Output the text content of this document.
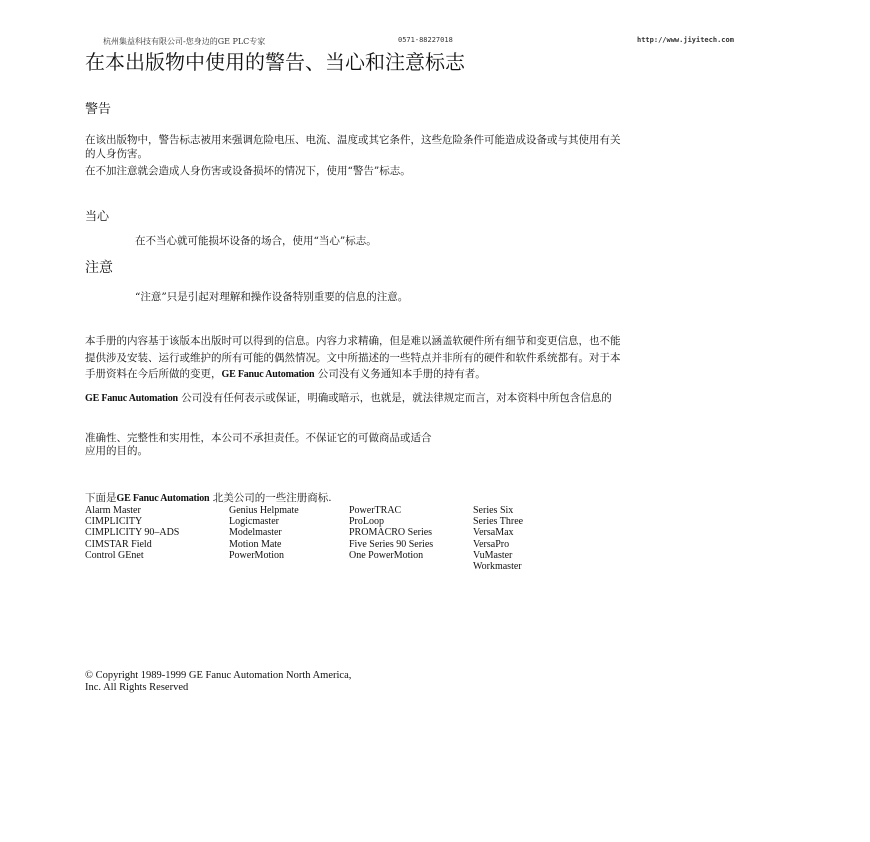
杭州集益科技有限公司-您身边的GE PLC专家	0571-88227018	http://www.jiyitech.com
在本出版物中使用的警告、当心和注意标志
警告
在该出版物中，警告标志被用来强调危险电压、电流、温度或其它条件，这些危险条件可能造成设备或与其使用有关
的人身伤害。
在不加注意就会造成人身伤害或设备损坏的情况下，使用“警告”标志。
当心
在不当心就可能损坏设备的场合，使用“当心”标志。
注意
“注意”只是引起对理解和操作设备特别重要的信息的注意。
本手册的内容基于该版本出版时可以得到的信息。内容力求精确，但是难以涵盖软硬件所有细节和变更信息，也不能
提供涉及安装、运行或维护的所有可能的偶然情况。文中所描述的一些特点并非所有的硬件和软件系统都有。对于本
手册资料在今后所做的变更，GE Fanuc Automation 公司没有义务通知本手册的持有者。
GE Fanuc Automation 公司没有任何表示或保证，明确或暗示，也就是，就法律规定而言，对本资料中所包含信息的
准确性、完整性和实用性，本公司不承担责任。不保证它的可做商品或适合
应用的目的。
下面是GE Fanuc Automation 北美公司的一些注册商标.
Alarm Master
CIMPLICITY
CIMPLICITY 90–ADS
CIMSTAR Field
Control GEnet
Genius Helpmate
Logicmaster
Modelmaster
Motion Mate
PowerMotion
PowerTRAC
ProLoop
PROMACRO Series
Five Series 90 Series
One PowerMotion
Series Six
Series Three
VersaMax
VersaPro
VuMaster
Workmaster
© Copyright 1989-1999 GE Fanuc Automation North America,
Inc. All Rights Reserved
